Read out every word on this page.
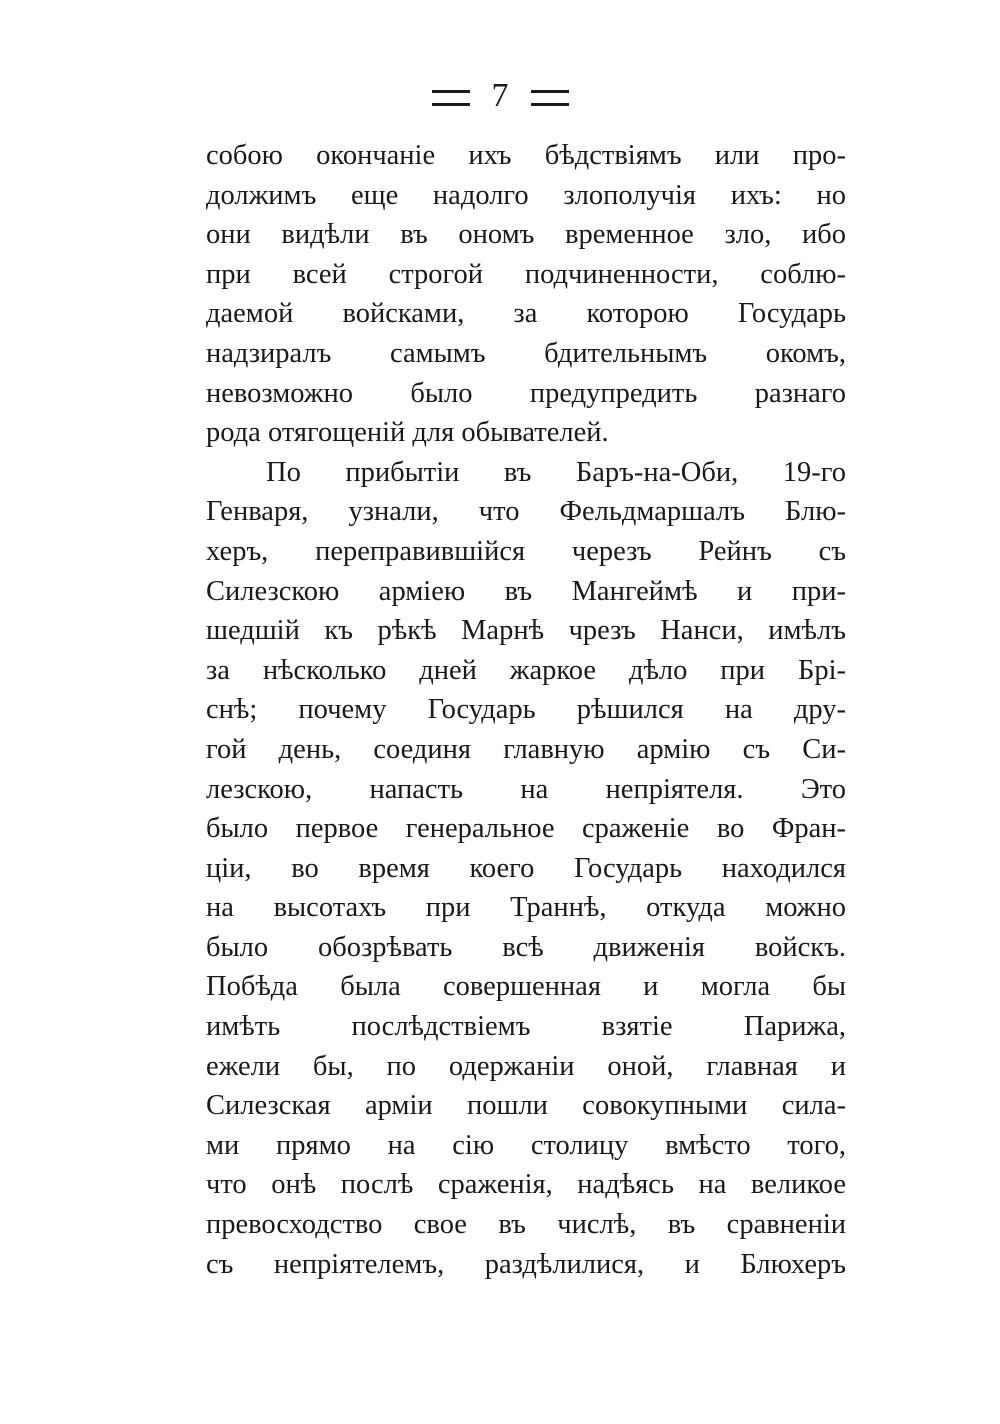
7
собою окончаніе ихъ бѣдствіямъ или про-
должимъ еще надолго злополучія ихъ: но
они видѣли въ ономъ временное зло, ибо
при всей строгой подчиненности, соблю-
даемой войсками, за которою Государь
надзиралъ самымъ бдительнымъ окомъ,
невозможно было предупредить разнаго
рода отягощеній для обывателей.
По прибытіи въ Баръ-на-Оби, 19-го
Генваря, узнали, что Фельдмаршалъ Блю-
херъ, переправившійся черезъ Рейнъ съ
Силезскою арміею въ Мангеймѣ и при-
шедшій къ рѣкѣ Марнѣ чрезъ Нанси, имѣлъ
за нѣсколько дней жаркое дѣло при Брі-
снѣ; почему Государь рѣшился на дру-
гой день, соединя главную армію съ Си-
лезскою, напасть на непріятеля. Это
было первое генеральное сраженіе во Фран-
ціи, во время коего Государь находился
на высотахъ при Траннѣ, откуда можно
было обозрѣвать всѣ движенія войскъ.
Побѣда была совершенная и могла бы
имѣть послѣдствіемъ взятіе Парижа,
ежели бы, по одержаніи оной, главная и
Силезская арміи пошли совокупными сила-
ми прямо на сію столицу вмѣсто того,
что онѣ послѣ сраженія, надѣясь на великое
превосходство свое въ числѣ, въ сравненіи
съ непріятелемъ, раздѣлилися, и Блюхеръ
